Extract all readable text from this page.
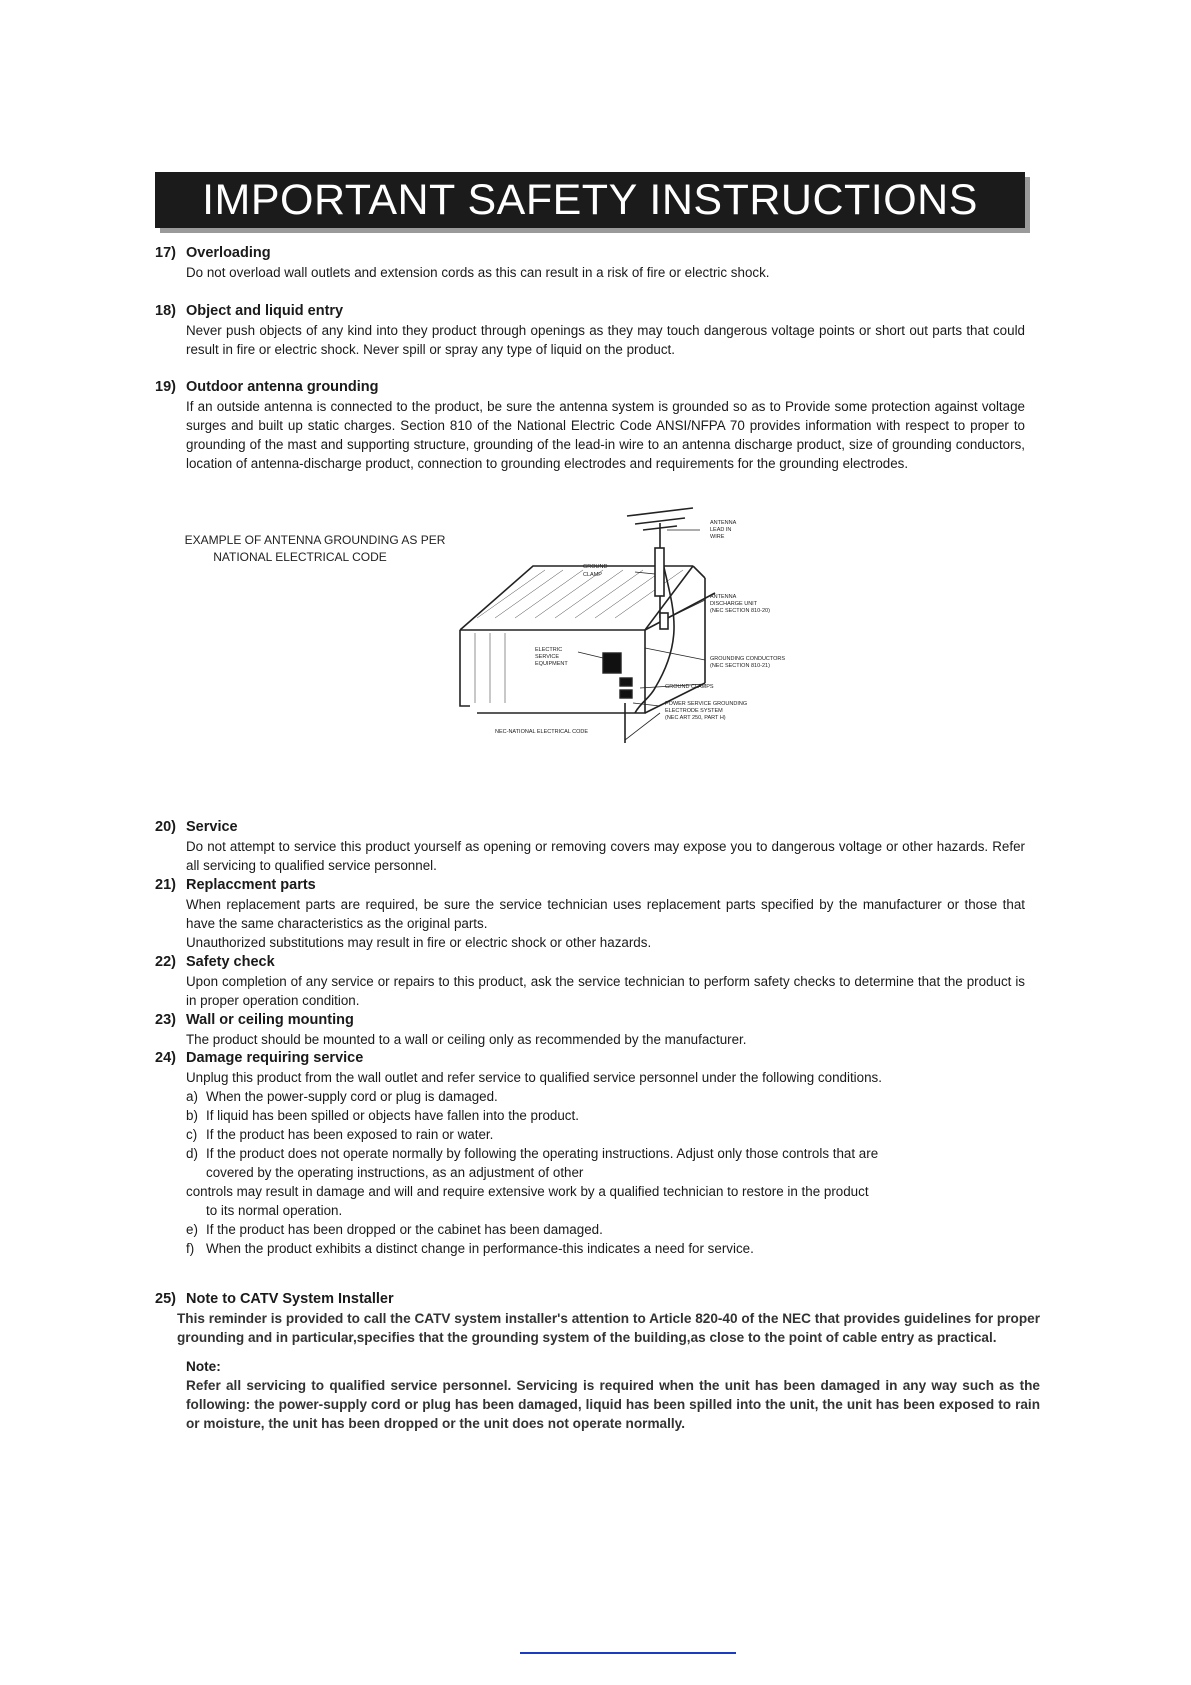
IMPORTANT SAFETY INSTRUCTIONS
17) Overloading
Do not overload wall outlets and extension cords as this can result in a risk of fire or electric shock.
18) Object and liquid entry
Never push objects of any kind into they product through openings as they may touch dangerous voltage points or short out parts that could result in fire or electric shock. Never spill or spray any type of liquid on the product.
19) Outdoor antenna grounding
If an outside antenna is connected to the product, be sure the antenna system is grounded so as to Provide some protection against voltage surges and built up static charges. Section 810 of the National Electric Code ANSI/NFPA 70 provides information with respect to proper to grounding of the mast and supporting structure, grounding of the lead-in wire to an antenna discharge product, size of grounding conductors, location of antenna-discharge product, connection to grounding electrodes and requirements for the grounding electrodes.
EXAMPLE OF ANTENNA GROUNDING AS PER
NATIONAL ELECTRICAL CODE
ANTENNA
LEAD IN
WIRE
GROUND
CLAMP
ANTENNA
DISCHARGE UNIT
(NEC SECTION 810-20)
ELECTRIC
SERVICE
EQUIPMENT
GROUNDING CONDUCTORS
(NEC SECTION 810-21)
GROUND CLAMPS
POWER SERVICE GROUNDING
ELECTRODE SYSTEM
(NEC ART 250, PART H)
NEC-NATIONAL ELECTRICAL CODE
20) Service
Do not attempt to service this product yourself as opening or removing covers may expose you to dangerous voltage or other hazards. Refer all servicing to qualified service personnel.
21) Replaccment parts
When replacement parts are required, be sure the service technician uses replacement parts specified by the manufacturer or those that have the same characteristics as the original parts.
Unauthorized substitutions may result in fire or electric shock or other hazards.
22) Safety check
Upon completion of any service or repairs to this product, ask the service technician to perform safety checks to determine that the product is in proper operation condition.
23) Wall or ceiling mounting
The product should be mounted to a wall or ceiling only as recommended by the manufacturer.
24) Damage requiring service
Unplug this product from the wall outlet and refer service to qualified service personnel under the following conditions.
a) When the power-supply cord or plug is damaged.
b) If liquid has been spilled or objects have fallen into the product.
c) If the product has been exposed to rain or water.
d) If the product does not operate normally by following the operating instructions. Adjust only those controls that are
covered by the operating instructions, as an adjustment of other
controls may result in damage and will and require extensive work by a qualified technician to restore in the product
to its normal operation.
e) If the product has been dropped or the cabinet has been damaged.
f) When the product exhibits a distinct change in performance-this indicates a need for service.
25) Note to CATV System Installer
This reminder is provided to call the CATV system installer's attention to Article 820-40 of the NEC that provides guidelines for proper grounding and in particular,specifies that the grounding system of the building,as close to the point of cable entry as practical.
Note:
Refer all servicing to qualified service personnel. Servicing is required when the unit has been damaged in any way such as the following: the power-supply cord or plug has been damaged, liquid has been spilled into the unit, the unit has been exposed to rain or moisture, the unit has been dropped or the unit does not operate normally.
